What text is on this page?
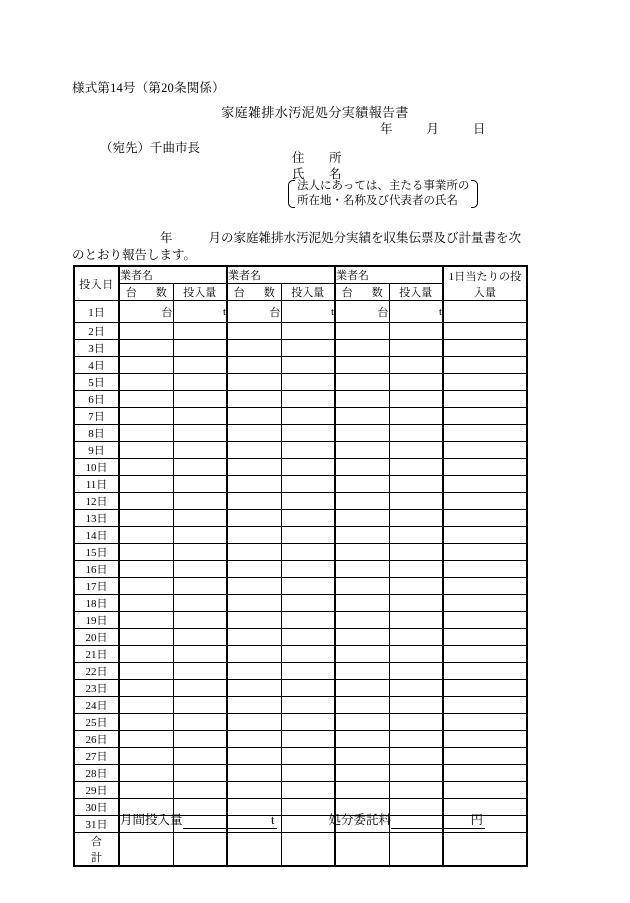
様式第14号（第20条関係）
家庭雑排水汚泥処分実績報告書
年	月	日
（宛先）千曲市長
住　所
氏　名
法人にあっては、主たる事業所の
所在地・名称及び代表者の氏名
年	月の家庭雑排水汚泥処分実績を収集伝票及び計量書を次
のとおり報告します。
投入日	業者名		業者名		業者名		1日当たりの投入量
	台　数	投入量	台　数	投入量	台　数	投入量	
1日	台	t	台	t	台	t	
2日							
3日							
4日							
5日							
6日							
7日							
8日							
9日							
10日							
11日							
12日							
13日							
14日							
15日							
16日							
17日							
18日							
19日							
20日							
21日							
22日							
23日							
24日							
25日							
26日							
27日							
28日							
29日							
30日							
31日							
合　計							
月間投入量	t	処分委託料	円
